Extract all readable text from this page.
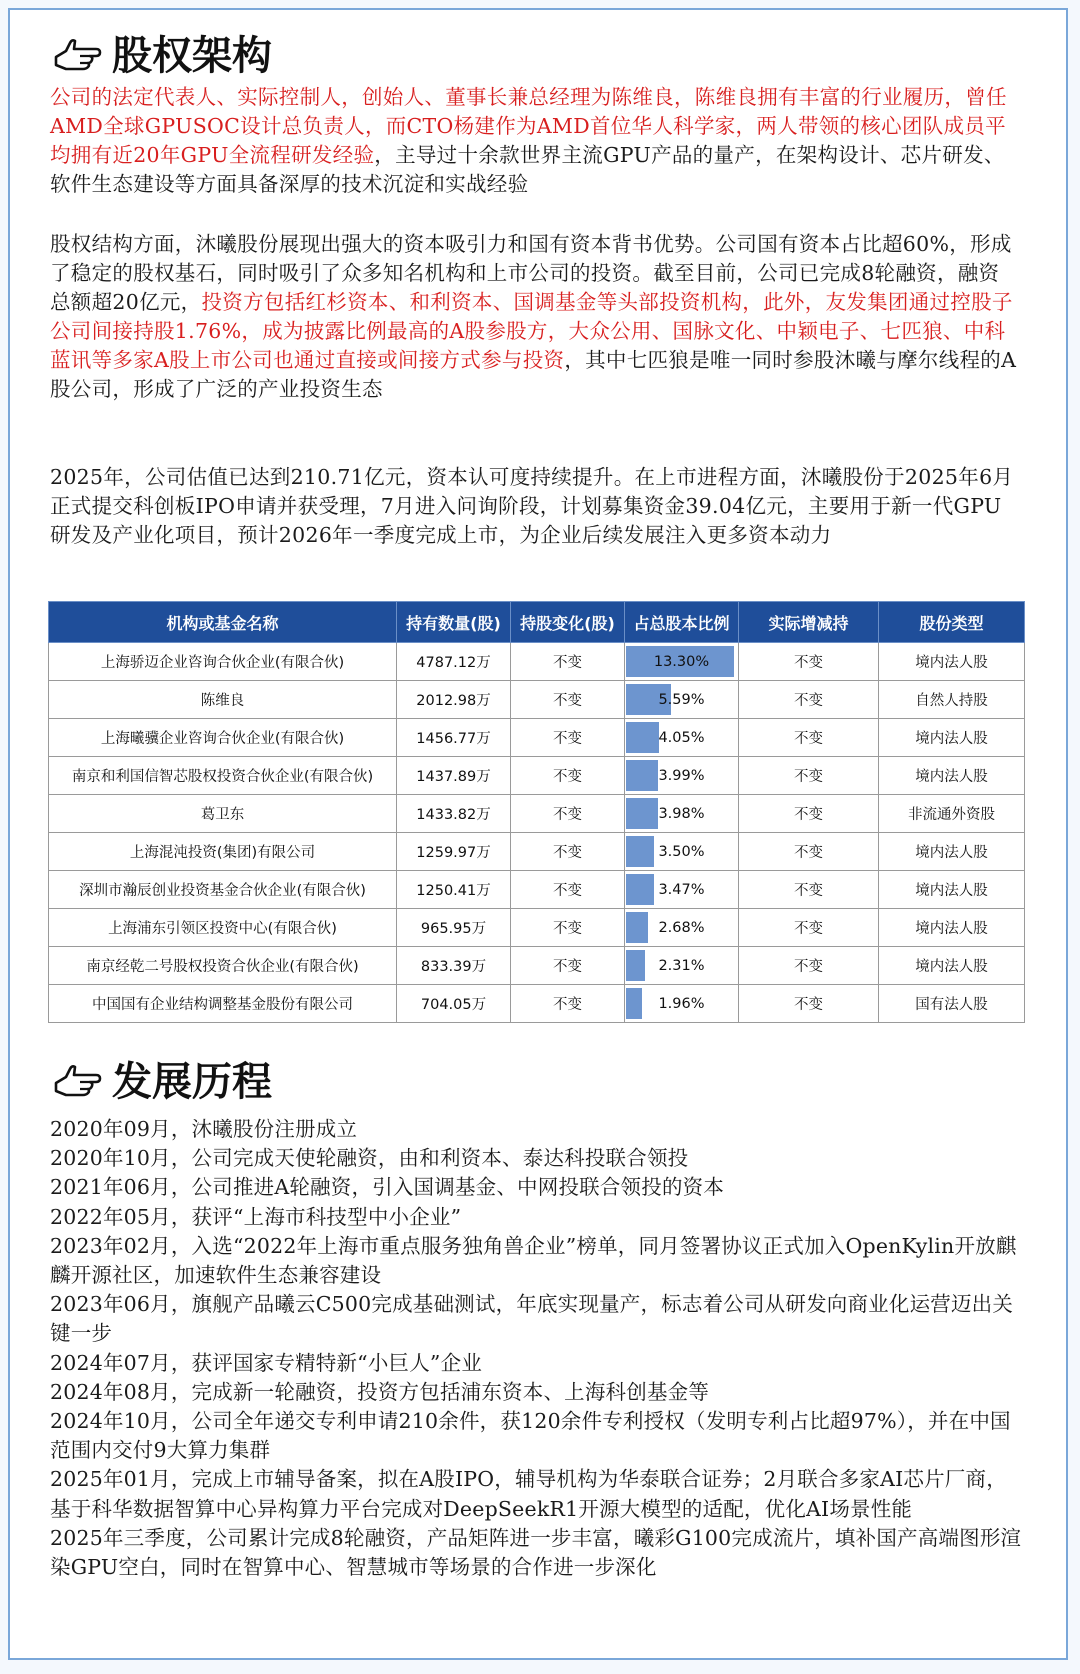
股权架构
公司的法定代表人、实际控制人，创始人、董事长兼总经理为陈维良，陈维良拥有丰富的行业履历，曾任AMD全球GPUSOC设计总负责人，而CTO杨建作为AMD首位华人科学家，两人带领的核心团队成员平均拥有近20年GPU全流程研发经验，主导过十余款世界主流GPU产品的量产，在架构设计、芯片研发、软件生态建设等方面具备深厚的技术沉淀和实战经验
股权结构方面，沐曦股份展现出强大的资本吸引力和国有资本背书优势。公司国有资本占比超60%，形成了稳定的股权基石，同时吸引了众多知名机构和上市公司的投资。截至目前，公司已完成8轮融资，融资总额超20亿元，投资方包括红杉资本、和利资本、国调基金等头部投资机构，此外，友发集团通过控股子公司间接持股1.76%，成为披露比例最高的A股参股方，大众公用、国脉文化、中颖电子、七匹狼、中科蓝讯等多家A股上市公司也通过直接或间接方式参与投资，其中七匹狼是唯一同时参股沐曦与摩尔线程的A股公司，形成了广泛的产业投资生态
2025年，公司估值已达到210.71亿元，资本认可度持续提升。在上市进程方面，沐曦股份于2025年6月正式提交科创板IPO申请并获受理，7月进入问询阶段，计划募集资金39.04亿元，主要用于新一代GPU研发及产业化项目，预计2026年一季度完成上市，为企业后续发展注入更多资本动力
机构或基金名称	持有数量(股)	持股变化(股)	占总股本比例	实际增减持	股份类型
上海骄迈企业咨询合伙企业(有限合伙)	4787.12万	不变	13.30%	不变	境内法人股
陈维良	2012.98万	不变	5.59%	不变	自然人持股
上海曦骥企业咨询合伙企业(有限合伙)	1456.77万	不变	4.05%	不变	境内法人股
南京和利国信智芯股权投资合伙企业(有限合伙)	1437.89万	不变	3.99%	不变	境内法人股
葛卫东	1433.82万	不变	3.98%	不变	非流通外资股
上海混沌投资(集团)有限公司	1259.97万	不变	3.50%	不变	境内法人股
深圳市瀚辰创业投资基金合伙企业(有限合伙)	1250.41万	不变	3.47%	不变	境内法人股
上海浦东引领区投资中心(有限合伙)	965.95万	不变	2.68%	不变	境内法人股
南京经乾二号股权投资合伙企业(有限合伙)	833.39万	不变	2.31%	不变	境内法人股
中国国有企业结构调整基金股份有限公司	704.05万	不变	1.96%	不变	国有法人股
发展历程
2020年09月，沐曦股份注册成立
2020年10月，公司完成天使轮融资，由和利资本、泰达科投联合领投
2021年06月，公司推进A轮融资，引入国调基金、中网投联合领投的资本
2022年05月，获评“上海市科技型中小企业”
2023年02月，入选“2022年上海市重点服务独角兽企业”榜单，同月签署协议正式加入OpenKylin开放麒麟开源社区，加速软件生态兼容建设
2023年06月，旗舰产品曦云C500完成基础测试，年底实现量产，标志着公司从研发向商业化运营迈出关键一步
2024年07月，获评国家专精特新“小巨人”企业
2024年08月，完成新一轮融资，投资方包括浦东资本、上海科创基金等
2024年10月，公司全年递交专利申请210余件，获120余件专利授权（发明专利占比超97%），并在中国范围内交付9大算力集群
2025年01月，完成上市辅导备案，拟在A股IPO，辅导机构为华泰联合证券；2月联合多家AI芯片厂商，基于科华数据智算中心异构算力平台完成对DeepSeekR1开源大模型的适配，优化AI场景性能
2025年三季度，公司累计完成8轮融资，产品矩阵进一步丰富，曦彩G100完成流片，填补国产高端图形渲染GPU空白，同时在智算中心、智慧城市等场景的合作进一步深化
